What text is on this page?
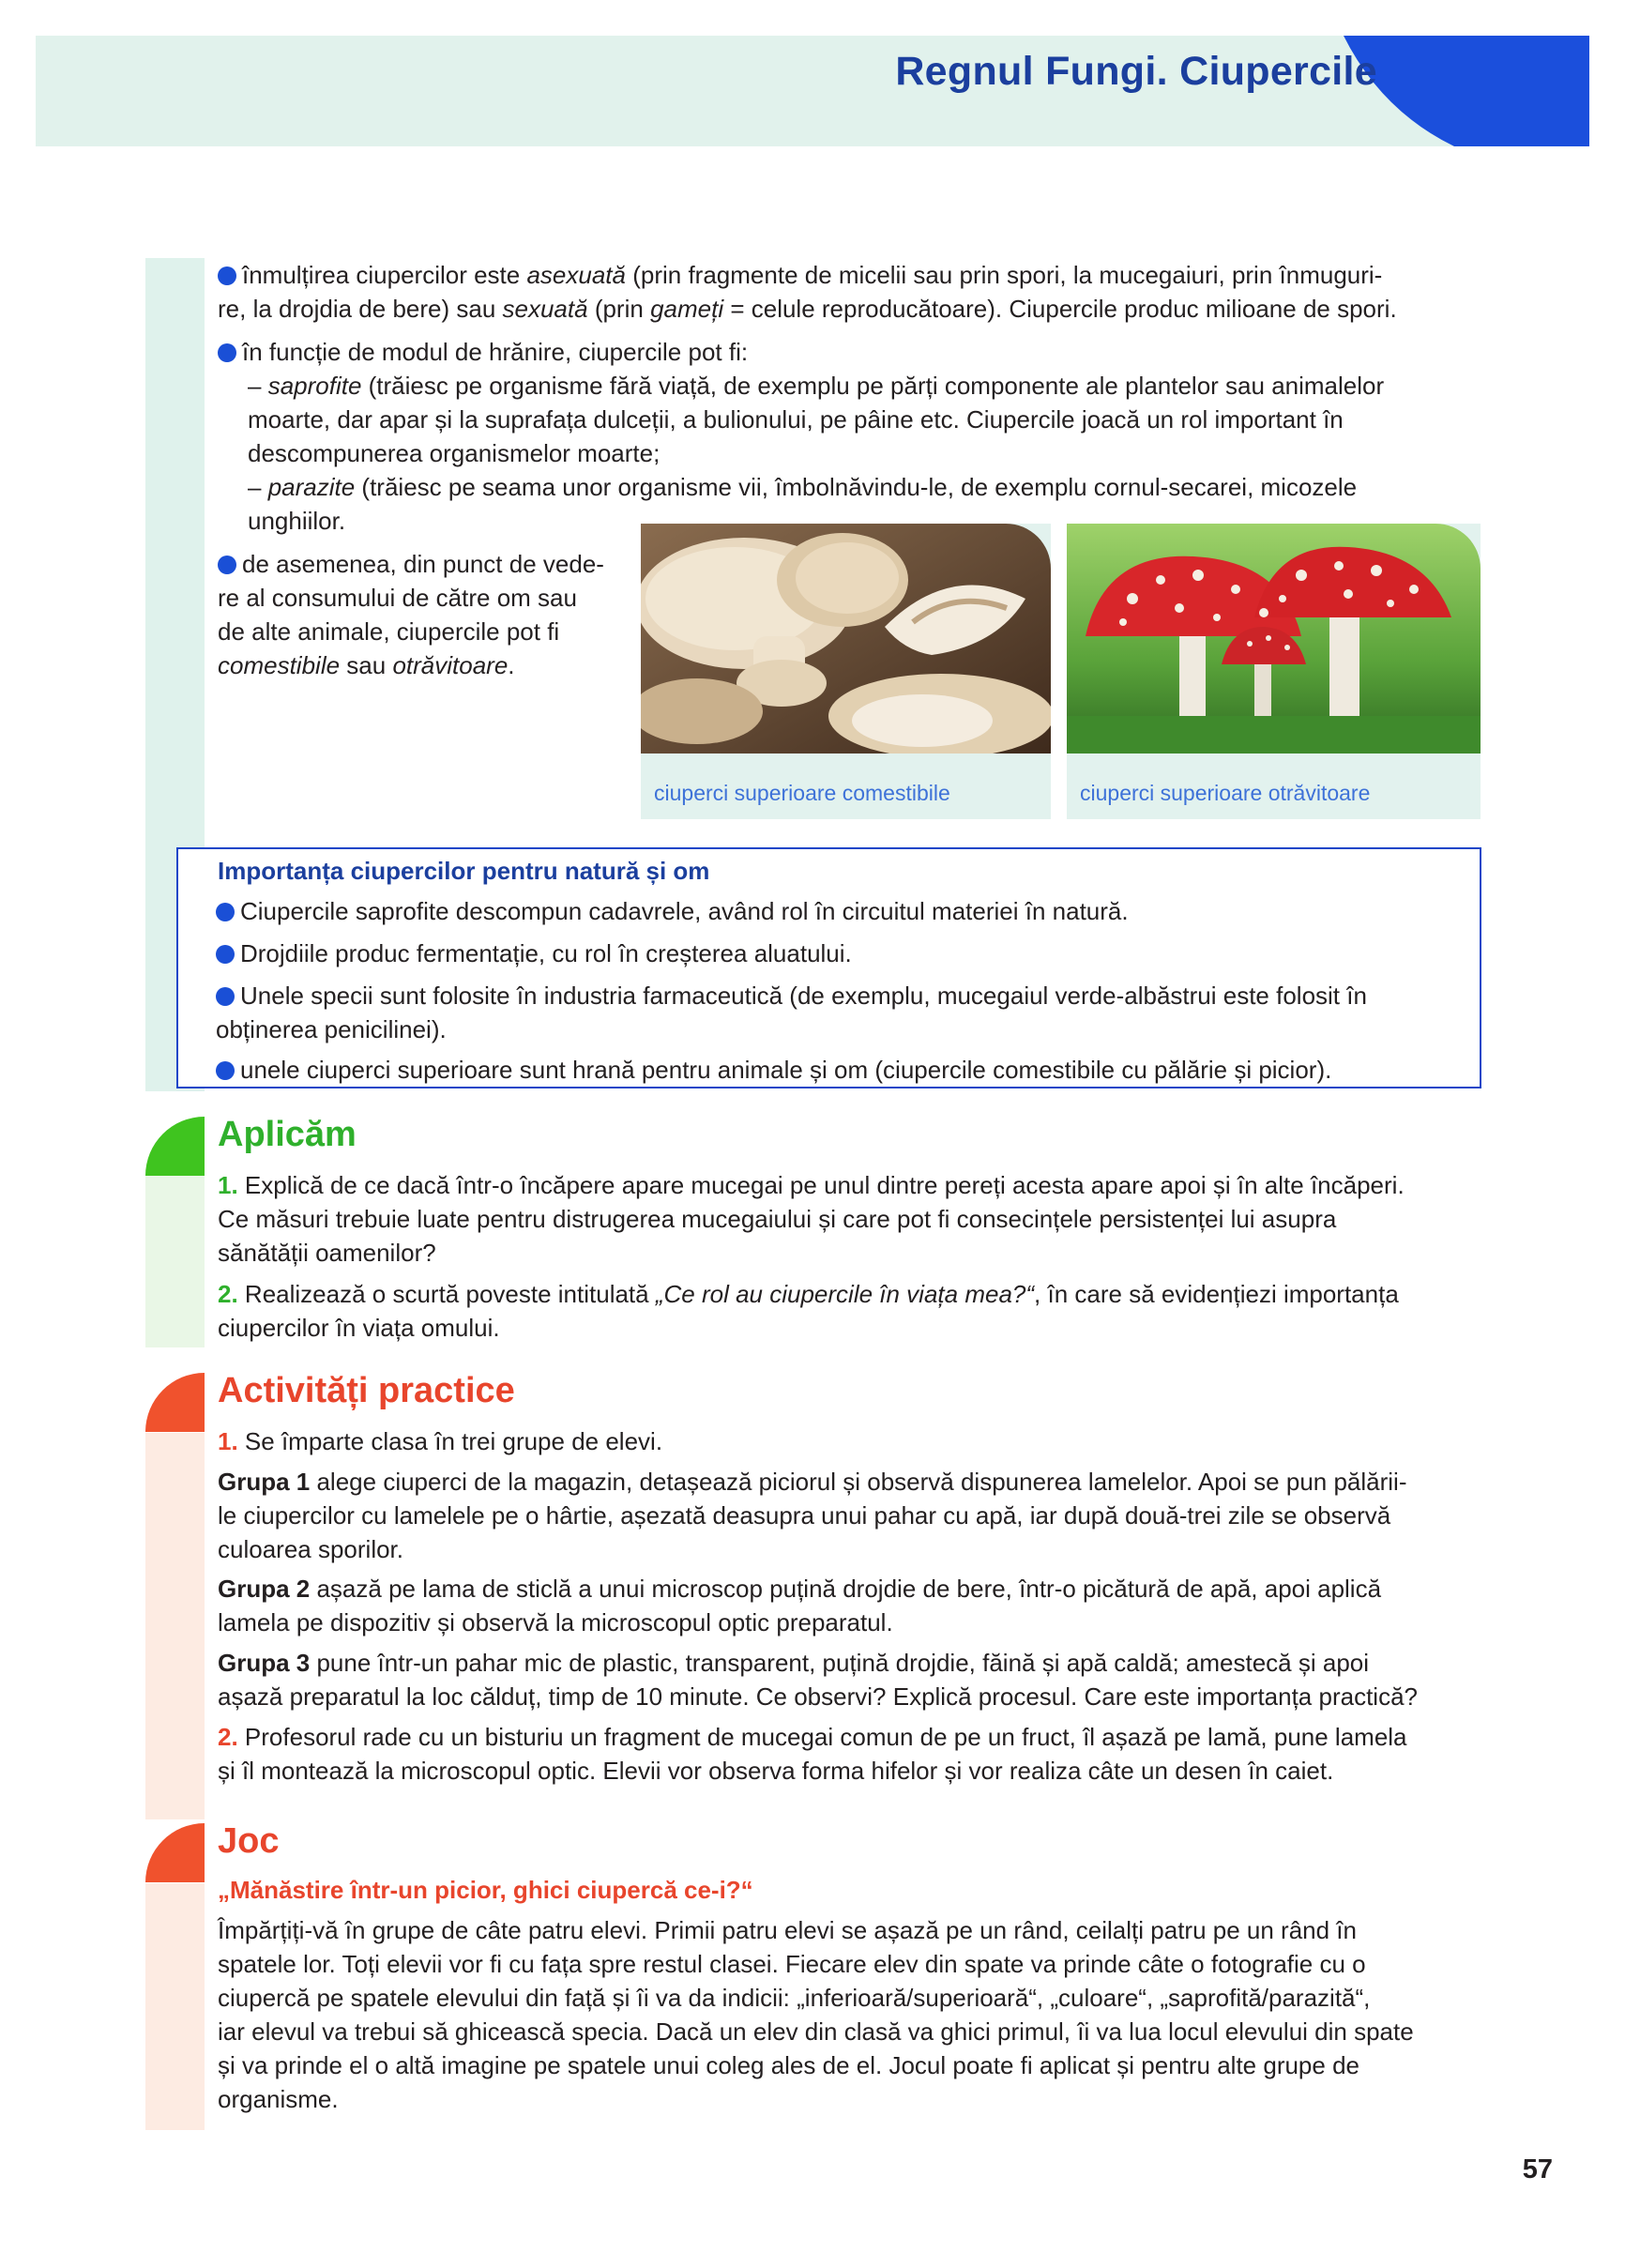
Regnul Fungi. Ciupercile
înmulțirea ciupercilor este asexuată (prin fragmente de micelii sau prin spori, la mucegaiuri, prin înmuguri-
re, la drojdia de bere) sau sexuată (prin gameți = celule reproducătoare). Ciupercile produc milioane de spori.
în funcție de modul de hrănire, ciupercile pot fi:
– saprofite (trăiesc pe organisme fără viață, de exemplu pe părți componente ale plantelor sau animalelor
moarte, dar apar și la suprafața dulceții, a bulionului, pe pâine etc. Ciupercile joacă un rol important în
descompunerea organismelor moarte;
– parazite (trăiesc pe seama unor organisme vii, îmbolnăvindu-le, de exemplu cornul-secarei, micozele
unghiilor.
de asemenea, din punct de vede-
re al consumului de către om sau
de alte animale, ciupercile pot fi
comestibile sau otrăvitoare.
ciuperci superioare comestibile	ciuperci superioare otrăvitoare
Importanța ciupercilor pentru natură și om
Ciupercile saprofite descompun cadavrele, având rol în circuitul materiei în natură.
Drojdiile produc fermentație, cu rol în creșterea aluatului.
Unele specii sunt folosite în industria farmaceutică (de exemplu, mucegaiul verde-albăstrui este folosit în
obținerea penicilinei).
unele ciuperci superioare sunt hrană pentru animale și om (ciupercile comestibile cu pălărie și picior).
Aplicăm
1. Explică de ce dacă într-o încăpere apare mucegai pe unul dintre pereți acesta apare apoi și în alte încăperi.
Ce măsuri trebuie luate pentru distrugerea mucegaiului și care pot fi consecințele persistenței lui asupra
sănătății oamenilor?
2. Realizează o scurtă poveste intitulată „Ce rol au ciupercile în viața mea?“, în care să evidențiezi importanța
ciupercilor în viața omului.
Activități practice
1. Se împarte clasa în trei grupe de elevi.
Grupa 1 alege ciuperci de la magazin, detașează piciorul și observă dispunerea lamelelor. Apoi se pun pălării-
le ciupercilor cu lamelele pe o hârtie, așezată deasupra unui pahar cu apă, iar după două-trei zile se observă
culoarea sporilor.
Grupa 2 așază pe lama de sticlă a unui microscop puțină drojdie de bere, într-o picătură de apă, apoi aplică
lamela pe dispozitiv și observă la microscopul optic preparatul.
Grupa 3 pune într-un pahar mic de plastic, transparent, puțină drojdie, făină și apă caldă; amestecă și apoi
așază preparatul la loc călduț, timp de 10 minute. Ce observi? Explică procesul. Care este importanța practică?
2. Profesorul rade cu un bisturiu un fragment de mucegai comun de pe un fruct, îl așază pe lamă, pune lamela
și îl montează la microscopul optic. Elevii vor observa forma hifelor și vor realiza câte un desen în caiet.
Joc
„Mănăstire într-un picior, ghici ciupercă ce-i?“
Împărțiți-vă în grupe de câte patru elevi. Primii patru elevi se așază pe un rând, ceilalți patru pe un rând în
spatele lor. Toți elevii vor fi cu fața spre restul clasei. Fiecare elev din spate va prinde câte o fotografie cu o
ciupercă pe spatele elevului din față și îi va da indicii: „inferioară/superioară“, „culoare“, „saprofită/parazită“,
iar elevul va trebui să ghicească specia. Dacă un elev din clasă va ghici primul, îi va lua locul elevului din spate
și va prinde el o altă imagine pe spatele unui coleg ales de el. Jocul poate fi aplicat și pentru alte grupe de
organisme.
57
